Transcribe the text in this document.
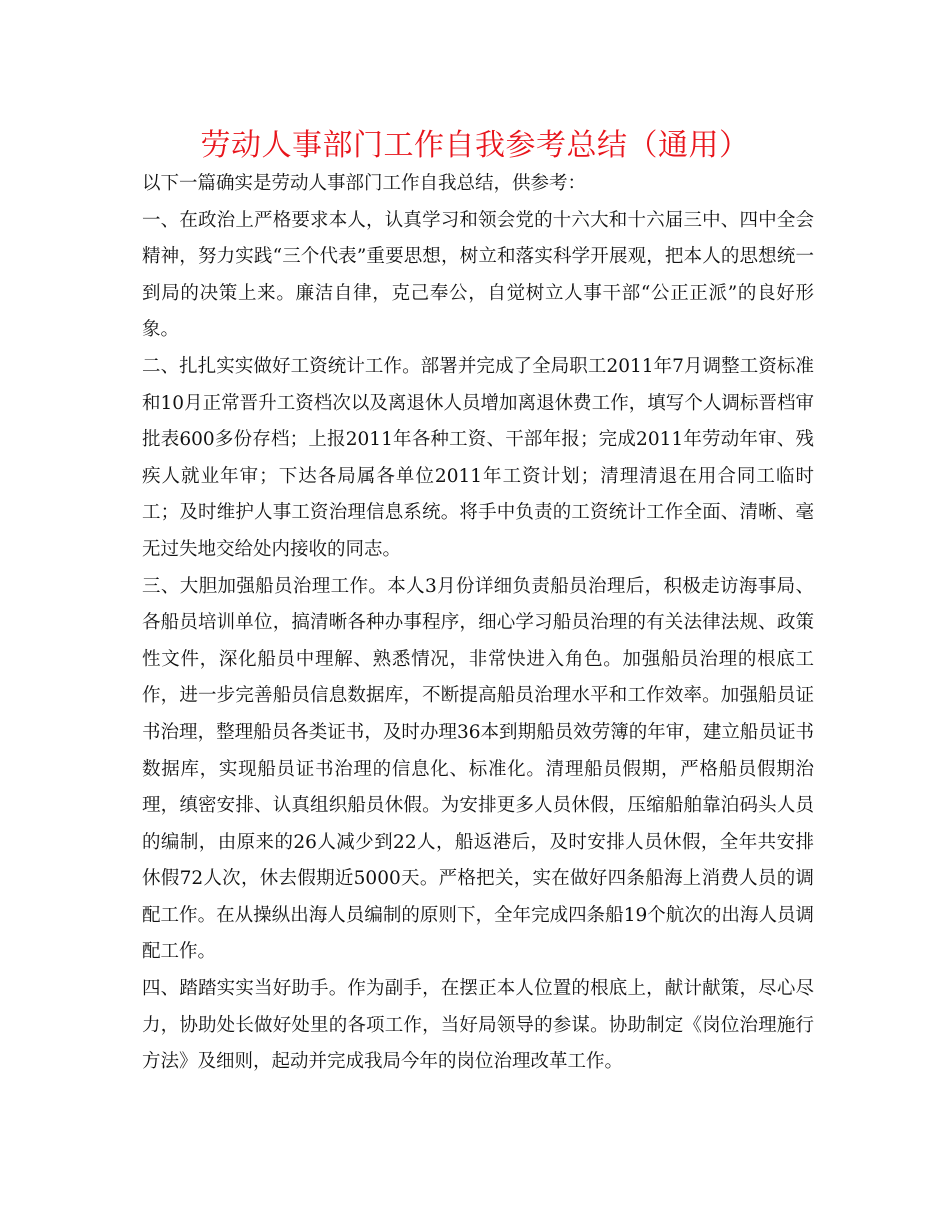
劳动人事部门工作自我参考总结（通用）

以下一篇确实是劳动人事部门工作自我总结，供参考：

一、在政治上严格要求本人，认真学习和领会党的十六大和十六届三中、四中全会精神，努力实践“三个代表”重要思想，树立和落实科学开展观，把本人的思想统一到局的决策上来。廉洁自律，克己奉公，自觉树立人事干部“公正正派”的良好形象。

二、扎扎实实做好工资统计工作。部署并完成了全局职工2011年7月调整工资标准和10月正常晋升工资档次以及离退休人员增加离退休费工作，填写个人调标晋档审批表600多份存档；上报2011年各种工资、干部年报；完成2011年劳动年审、残疾人就业年审；下达各局属各单位2011年工资计划；清理清退在用合同工临时工；及时维护人事工资治理信息系统。将手中负责的工资统计工作全面、清晰、毫无过失地交给处内接收的同志。

三、大胆加强船员治理工作。本人3月份详细负责船员治理后，积极走访海事局、各船员培训单位，搞清晰各种办事程序，细心学习船员治理的有关法律法规、政策性文件，深化船员中理解、熟悉情况，非常快进入角色。加强船员治理的根底工作，进一步完善船员信息数据库，不断提高船员治理水平和工作效率。加强船员证书治理，整理船员各类证书，及时办理36本到期船员效劳簿的年审，建立船员证书数据库，实现船员证书治理的信息化、标准化。清理船员假期，严格船员假期治理，缜密安排、认真组织船员休假。为安排更多人员休假，压缩船舶靠泊码头人员的编制，由原来的26人减少到22人，船返港后，及时安排人员休假，全年共安排休假72人次，休去假期近5000天。严格把关，实在做好四条船海上消费人员的调配工作。在从操纵出海人员编制的原则下，全年完成四条船19个航次的出海人员调配工作。

四、踏踏实实当好助手。作为副手，在摆正本人位置的根底上，献计献策，尽心尽力，协助处长做好处里的各项工作，当好局领导的参谋。协助制定《岗位治理施行方法》及细则，起动并完成我局今年的岗位治理改革工作。
